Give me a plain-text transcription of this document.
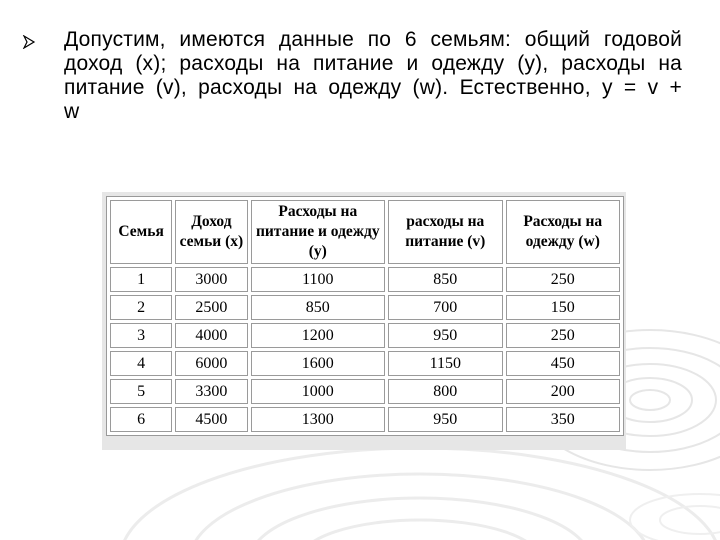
Допустим, имеются данные по 6 семьям: общий годовой доход (x); расходы на питание и одежду (y), расходы на питание (v), расходы на одежду (w). Естественно, y = v + w
Семья	Доход семьи (x)	Расходы на питание и одежду (y)	расходы на питание (v)	Расходы на одежду (w)
1	3000	1100	850	250
2	2500	850	700	150
3	4000	1200	950	250
4	6000	1600	1150	450
5	3300	1000	800	200
6	4500	1300	950	350
